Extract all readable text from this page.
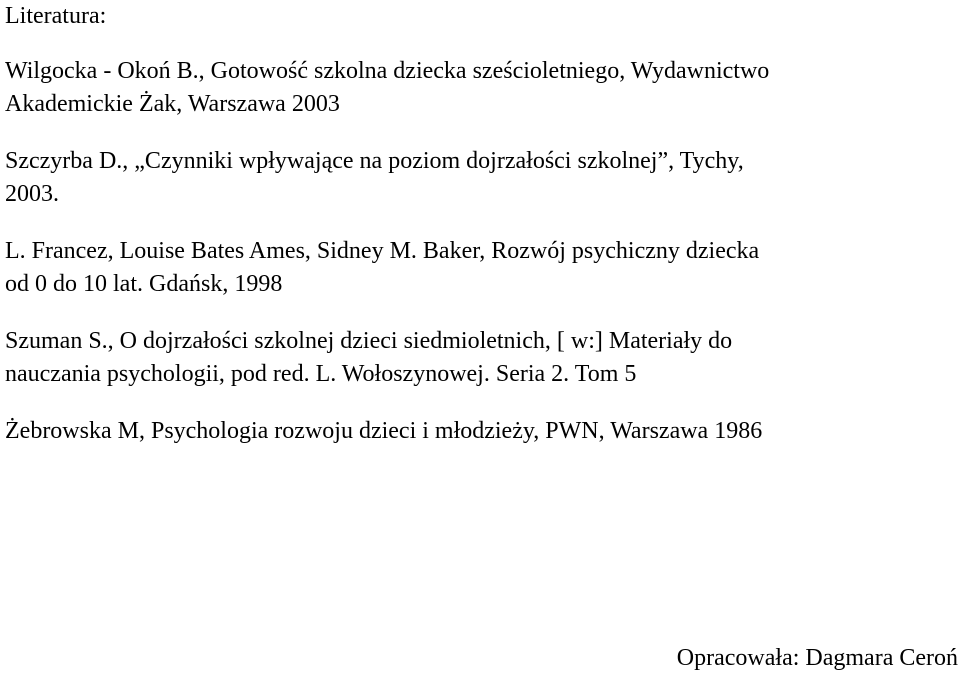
Literatura:
Wilgocka - Okoń B., Gotowość szkolna dziecka sześcioletniego, Wydawnictwo
Akademickie Żak, Warszawa 2003
Szczyrba D., „Czynniki wpływające na poziom dojrzałości szkolnej”, Tychy,
2003.
L. Francez, Louise Bates Ames, Sidney M. Baker, Rozwój psychiczny dziecka
od 0 do 10 lat. Gdańsk, 1998
Szuman S., O dojrzałości szkolnej dzieci siedmioletnich, [ w:] Materiały do
nauczania psychologii, pod red. L. Wołoszynowej. Seria 2. Tom 5
Żebrowska M, Psychologia rozwoju dzieci i młodzieży, PWN, Warszawa 1986

Opracowała: Dagmara Ceroń
